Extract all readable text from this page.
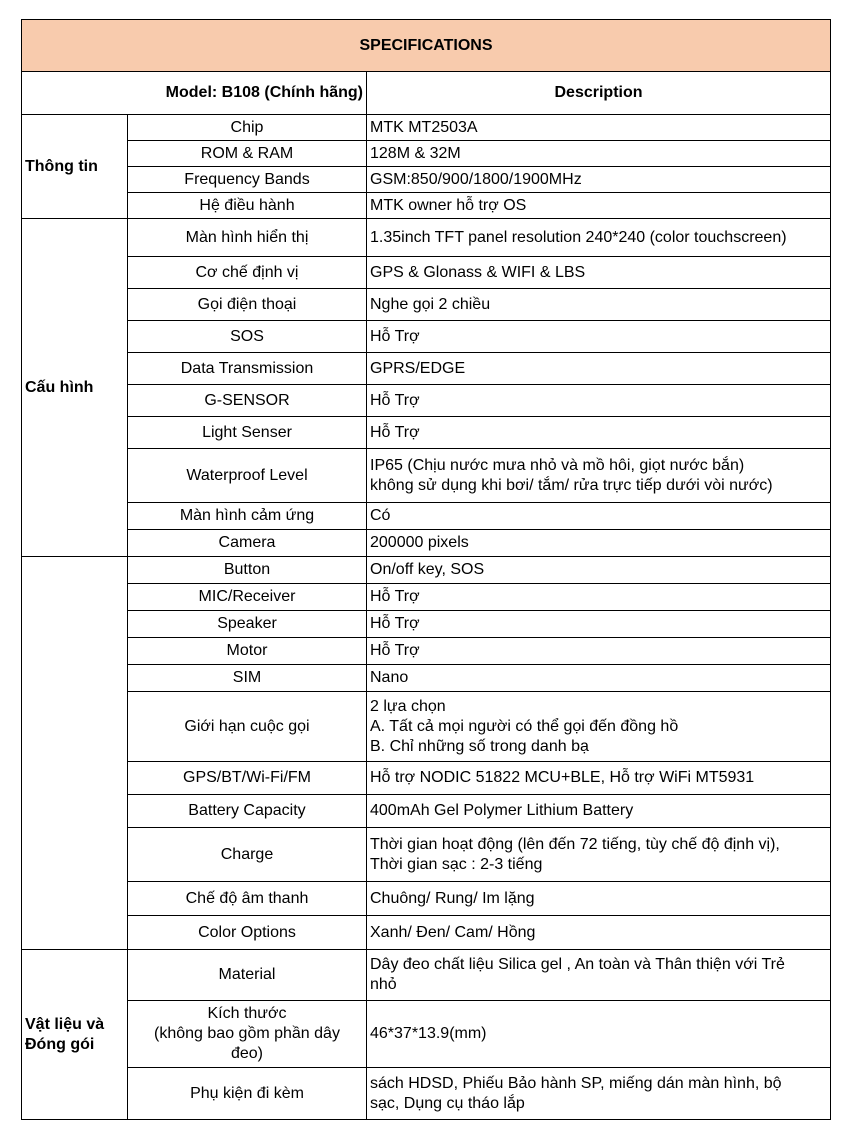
SPECIFICATIONS		
Model: B108 (Chính hãng)		Description
Thông tin	Chip	MTK MT2503A
	ROM & RAM	128M & 32M
	Frequency Bands	GSM:850/900/1800/1900MHz
	Hệ điều hành	MTK owner hỗ trợ OS
Cấu hình	Màn hình hiển thị	1.35inch TFT panel resolution 240*240 (color touchscreen)
	Cơ chế định vị	GPS & Glonass & WIFI & LBS
	Gọi điện thoại	Nghe gọi 2 chiều
	SOS	Hỗ Trợ
	Data Transmission	GPRS/EDGE
	G-SENSOR	Hỗ Trợ
	Light Senser	Hỗ Trợ
	Waterproof Level	IP65 (Chịu nước mưa nhỏ và mồ hôi, giọt nước bắn)
không sử dụng khi bơi/ tắm/ rửa trực tiếp dưới vòi nước)
	Màn hình cảm ứng	Có
	Camera	200000 pixels
	Button	On/off key, SOS
	MIC/Receiver	Hỗ Trợ
	Speaker	Hỗ Trợ
	Motor	Hỗ Trợ
	SIM	Nano
	Giới hạn cuộc gọi	2 lựa chọn
A. Tất cả mọi người có thể gọi đến đồng hồ
B. Chỉ những số trong danh bạ
	GPS/BT/Wi-Fi/FM	Hỗ trợ NODIC 51822 MCU+BLE, Hỗ trợ WiFi MT5931
	Battery Capacity	400mAh Gel Polymer Lithium Battery
	Charge	Thời gian hoạt động (lên đến 72 tiếng, tùy chế độ định vị),
Thời gian sạc : 2-3 tiếng
	Chế độ âm thanh	Chuông/ Rung/ Im lặng
	Color Options	Xanh/ Đen/ Cam/ Hồng
Vật liệu và
Đóng gói	Material	Dây đeo chất liệu Silica gel , An toàn và Thân thiện với Trẻ
nhỏ
	Kích thước
(không bao gồm phần dây
đeo)	46*37*13.9(mm)
	Phụ kiện đi kèm	sách HDSD, Phiếu Bảo hành SP, miếng dán màn hình, bộ
sạc, Dụng cụ tháo lắp
